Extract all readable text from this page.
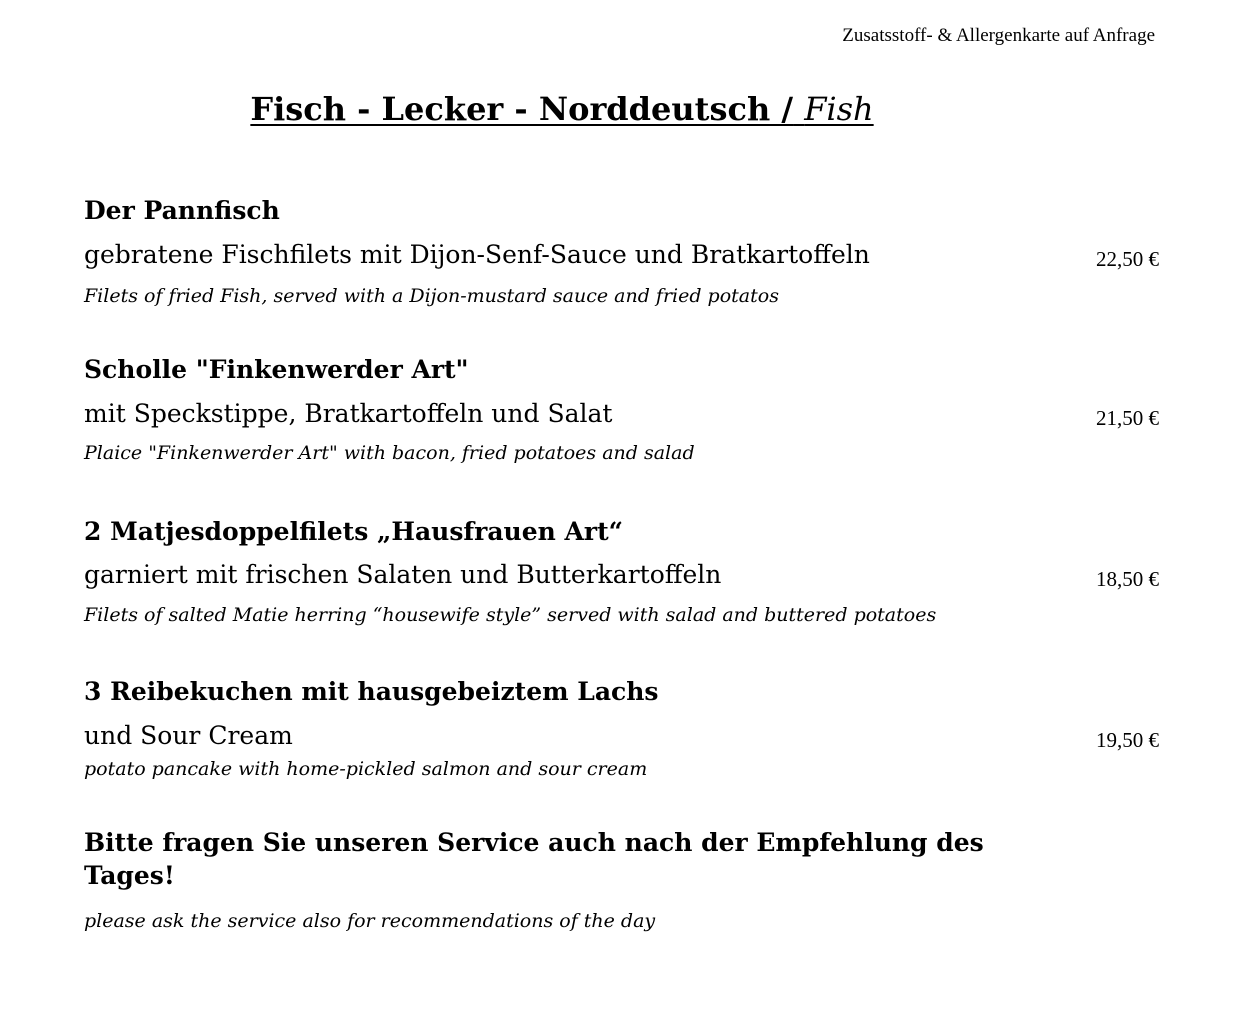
Zusatsstoff- & Allergenkarte auf Anfrage
Fisch - Lecker - Norddeutsch / Fish
Der Pannfisch
gebratene Fischfilets mit Dijon-Senf-Sauce und Bratkartoffeln	22,50 €
Filets of fried Fish, served with a Dijon-mustard sauce and fried potatos
Scholle "Finkenwerder Art"
mit Speckstippe, Bratkartoffeln und Salat	21,50 €
Plaice "Finkenwerder Art" with bacon, fried potatoes and salad
2 Matjesdoppelfilets „Hausfrauen Art“
garniert mit frischen Salaten und Butterkartoffeln	18,50 €
Filets of salted Matie herring “housewife style” served with salad and buttered potatoes
3 Reibekuchen mit hausgebeiztem Lachs
und Sour Cream	19,50 €
potato pancake with home-pickled salmon and sour cream
Bitte fragen Sie unseren Service auch nach der Empfehlung des Tages!
please ask the service also for recommendations of the day
